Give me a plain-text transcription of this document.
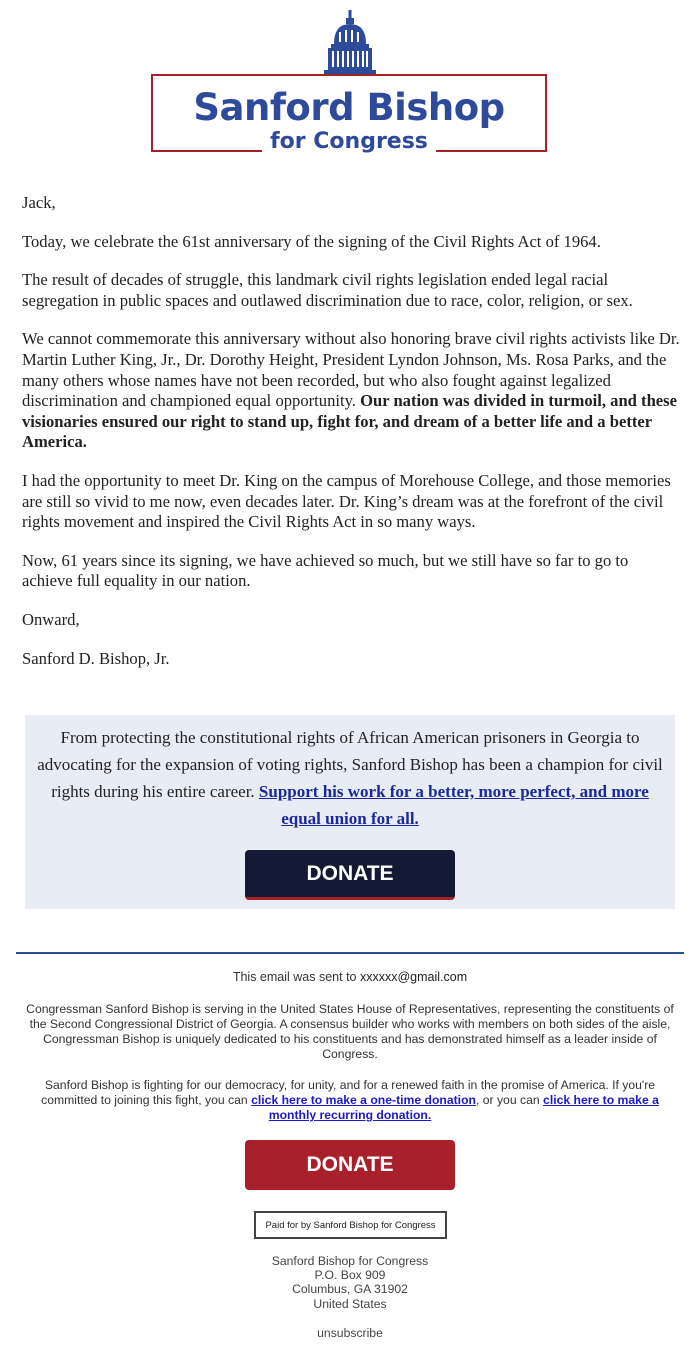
Sanford Bishop
for Congress

Jack,

Today, we celebrate the 61st anniversary of the signing of the Civil Rights Act of 1964.

The result of decades of struggle, this landmark civil rights legislation ended legal racial segregation in public spaces and outlawed discrimination due to race, color, religion, or sex.

We cannot commemorate this anniversary without also honoring brave civil rights activists like Dr. Martin Luther King, Jr., Dr. Dorothy Height, President Lyndon Johnson, Ms. Rosa Parks, and the many others whose names have not been recorded, but who also fought against legalized discrimination and championed equal opportunity. Our nation was divided in turmoil, and these visionaries ensured our right to stand up, fight for, and dream of a better life and a better America.

I had the opportunity to meet Dr. King on the campus of Morehouse College, and those memories are still so vivid to me now, even decades later. Dr. King’s dream was at the forefront of the civil rights movement and inspired the Civil Rights Act in so many ways.

Now, 61 years since its signing, we have achieved so much, but we still have so far to go to achieve full equality in our nation.

Onward,

Sanford D. Bishop, Jr.

From protecting the constitutional rights of African American prisoners in Georgia to advocating for the expansion of voting rights, Sanford Bishop has been a champion for civil rights during his entire career. Support his work for a better, more perfect, and more equal union for all.
DONATE
This email was sent to xxxxxx@gmail.com
Congressman Sanford Bishop is serving in the United States House of Representatives, representing the constituents of the Second Congressional District of Georgia. A consensus builder who works with members on both sides of the aisle, Congressman Bishop is uniquely dedicated to his constituents and has demonstrated himself as a leader inside of Congress.
Sanford Bishop is fighting for our democracy, for unity, and for a renewed faith in the promise of America. If you're committed to joining this fight, you can click here to make a one-time donation, or you can click here to make a monthly recurring donation.
DONATE
Paid for by Sanford Bishop for Congress
Sanford Bishop for Congress
P.O. Box 909
Columbus, GA 31902
United States
unsubscribe
